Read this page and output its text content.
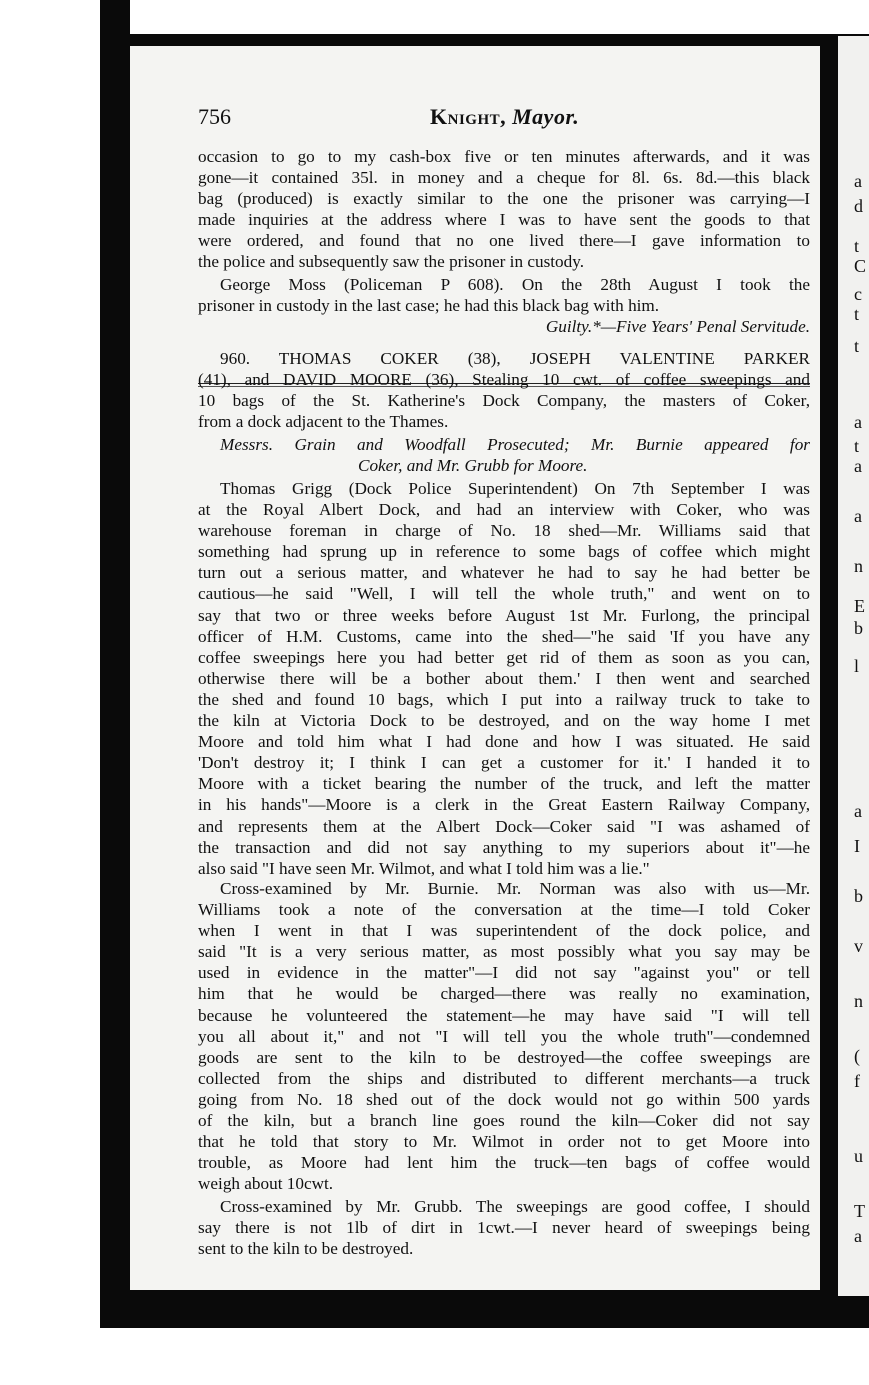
a
d
t
C
c
t
t
a
t
a
a
n
E
b
l
a
I
b
v
n
(
f
u
T
a
756	Knight, Mayor.
occasion to go to my cash-box five or ten minutes afterwards, and it was
gone—it contained 35l. in money and a cheque for 8l. 6s. 8d.—this black
bag (produced) is exactly similar to the one the prisoner was carrying—I
made inquiries at the address where I was to have sent the goods to that
were ordered, and found that no one lived there—I gave information to
the police and subsequently saw the prisoner in custody.
George Moss (Policeman P 608). On the 28th August I took the
prisoner in custody in the last case; he had this black bag with him.
Guilty.*—Five Years' Penal Servitude.
960. THOMAS COKER (38), JOSEPH VALENTINE PARKER
(41), and DAVID MOORE (36), Stealing 10 cwt. of coffee sweepings and
10 bags of the St. Katherine's Dock Company, the masters of Coker,
from a dock adjacent to the Thames.
Messrs. Grain and Woodfall Prosecuted; Mr. Burnie appeared for
Coker, and Mr. Grubb for Moore.
Thomas Grigg (Dock Police Superintendent) On 7th September I was
at the Royal Albert Dock, and had an interview with Coker, who was
warehouse foreman in charge of No. 18 shed—Mr. Williams said that
something had sprung up in reference to some bags of coffee which might
turn out a serious matter, and whatever he had to say he had better be
cautious—he said "Well, I will tell the whole truth," and went on to
say that two or three weeks before August 1st Mr. Furlong, the principal
officer of H.M. Customs, came into the shed—"he said 'If you have any
coffee sweepings here you had better get rid of them as soon as you can,
otherwise there will be a bother about them.' I then went and searched
the shed and found 10 bags, which I put into a railway truck to take to
the kiln at Victoria Dock to be destroyed, and on the way home I met
Moore and told him what I had done and how I was situated. He said
'Don't destroy it; I think I can get a customer for it.' I handed it to
Moore with a ticket bearing the number of the truck, and left the matter
in his hands"—Moore is a clerk in the Great Eastern Railway Company,
and represents them at the Albert Dock—Coker said "I was ashamed of
the transaction and did not say anything to my superiors about it"—he
also said "I have seen Mr. Wilmot, and what I told him was a lie."
Cross-examined by Mr. Burnie. Mr. Norman was also with us—Mr.
Williams took a note of the conversation at the time—I told Coker
when I went in that I was superintendent of the dock police, and
said "It is a very serious matter, as most possibly what you say may be
used in evidence in the matter"—I did not say "against you" or tell
him that he would be charged—there was really no examination,
because he volunteered the statement—he may have said "I will tell
you all about it," and not "I will tell you the whole truth"—condemned
goods are sent to the kiln to be destroyed—the coffee sweepings are
collected from the ships and distributed to different merchants—a truck
going from No. 18 shed out of the dock would not go within 500 yards
of the kiln, but a branch line goes round the kiln—Coker did not say
that he told that story to Mr. Wilmot in order not to get Moore into
trouble, as Moore had lent him the truck—ten bags of coffee would
weigh about 10cwt.
Cross-examined by Mr. Grubb. The sweepings are good coffee, I should
say there is not 1lb of dirt in 1cwt.—I never heard of sweepings being
sent to the kiln to be destroyed.
